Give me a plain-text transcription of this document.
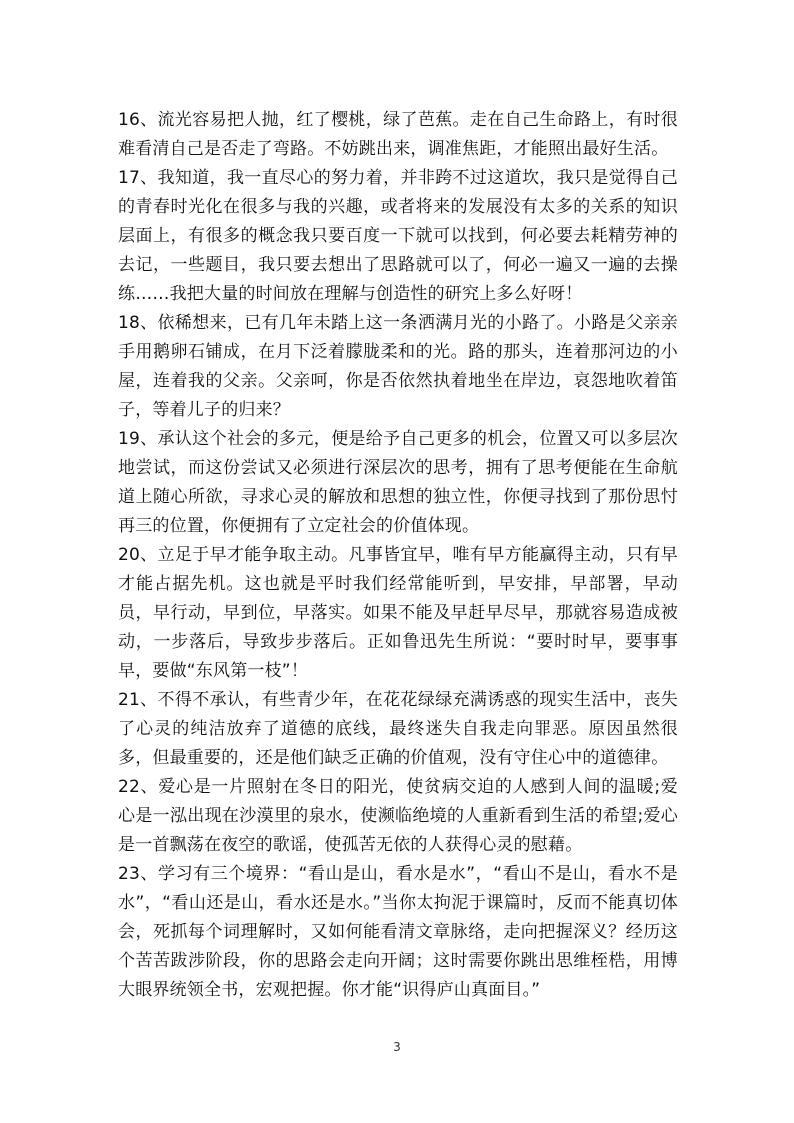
16、流光容易把人抛，红了樱桃，绿了芭蕉。走在自己生命路上，有时很难看清自己是否走了弯路。不妨跳出来，调准焦距，才能照出最好生活。

17、我知道，我一直尽心的努力着，并非跨不过这道坎，我只是觉得自己的青春时光化在很多与我的兴趣，或者将来的发展没有太多的关系的知识层面上，有很多的概念我只要百度一下就可以找到，何必要去耗精劳神的去记，一些题目，我只要去想出了思路就可以了，何必一遍又一遍的去操练……我把大量的时间放在理解与创造性的研究上多么好呀！

18、依稀想来，已有几年未踏上这一条洒满月光的小路了。小路是父亲亲手用鹅卵石铺成，在月下泛着朦胧柔和的光。路的那头，连着那河边的小屋，连着我的父亲。父亲呵，你是否依然执着地坐在岸边，哀怨地吹着笛子，等着儿子的归来？

19、承认这个社会的多元，便是给予自己更多的机会，位置又可以多层次地尝试，而这份尝试又必须进行深层次的思考，拥有了思考便能在生命航道上随心所欲，寻求心灵的解放和思想的独立性，你便寻找到了那份思忖再三的位置，你便拥有了立定社会的价值体现。

20、立足于早才能争取主动。凡事皆宜早，唯有早方能赢得主动，只有早才能占据先机。这也就是平时我们经常能听到，早安排，早部署，早动员，早行动，早到位，早落实。如果不能及早赶早尽早，那就容易造成被动，一步落后，导致步步落后。正如鲁迅先生所说：“要时时早，要事事早，要做“东风第一枝”！

21、不得不承认，有些青少年，在花花绿绿充满诱惑的现实生活中，丧失了心灵的纯洁放弃了道德的底线，最终迷失自我走向罪恶。原因虽然很多，但最重要的，还是他们缺乏正确的价值观，没有守住心中的道德律。

22、爱心是一片照射在冬日的阳光，使贫病交迫的人感到人间的温暖;爱心是一泓出现在沙漠里的泉水，使濒临绝境的人重新看到生活的希望;爱心是一首飘荡在夜空的歌谣，使孤苦无依的人获得心灵的慰藉。

23、学习有三个境界：“看山是山，看水是水”，“看山不是山，看水不是水”，“看山还是山，看水还是水。”当你太拘泥于课篇时，反而不能真切体会，死抓每个词理解时，又如何能看清文章脉络，走向把握深义？经历这个苦苦跋涉阶段，你的思路会走向开阔；这时需要你跳出思维桎梏，用博大眼界统领全书，宏观把握。你才能“识得庐山真面目。”

3
